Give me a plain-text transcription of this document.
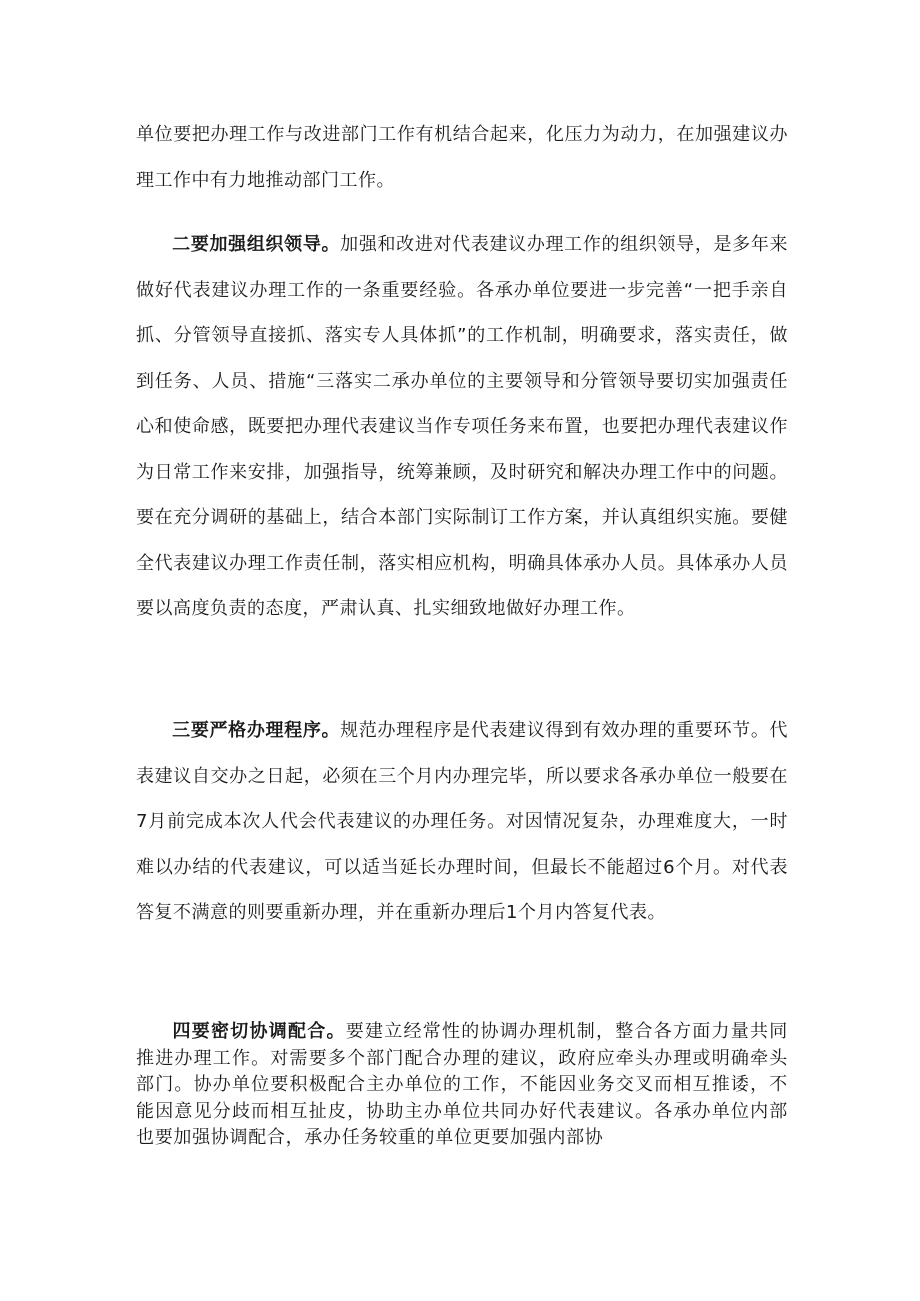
单位要把办理工作与改进部门工作有机结合起来，化压力为动力，在加强建议办理工作中有力地推动部门工作。

二要加强组织领导。加强和改进对代表建议办理工作的组织领导，是多年来做好代表建议办理工作的一条重要经验。各承办单位要进一步完善“一把手亲自抓、分管领导直接抓、落实专人具体抓”的工作机制，明确要求，落实责任，做到任务、人员、措施“三落实二承办单位的主要领导和分管领导要切实加强责任心和使命感，既要把办理代表建议当作专项任务来布置，也要把办理代表建议作为日常工作来安排，加强指导，统筹兼顾，及时研究和解决办理工作中的问题。要在充分调研的基础上，结合本部门实际制订工作方案，并认真组织实施。要健全代表建议办理工作责任制，落实相应机构，明确具体承办人员。具体承办人员要以高度负责的态度，严肃认真、扎实细致地做好办理工作。

三要严格办理程序。规范办理程序是代表建议得到有效办理的重要环节。代表建议自交办之日起，必须在三个月内办理完毕，所以要求各承办单位一般要在7月前完成本次人代会代表建议的办理任务。对因情况复杂，办理难度大，一时难以办结的代表建议，可以适当延长办理时间，但最长不能超过6个月。对代表答复不满意的则要重新办理，并在重新办理后1个月内答复代表。

四要密切协调配合。要建立经常性的协调办理机制，整合各方面力量共同推进办理工作。对需要多个部门配合办理的建议，政府应牵头办理或明确牵头部门。协办单位要积极配合主办单位的工作，不能因业务交叉而相互推诿，不能因意见分歧而相互扯皮，协助主办单位共同办好代表建议。各承办单位内部也要加强协调配合，承办任务较重的单位更要加强内部协
